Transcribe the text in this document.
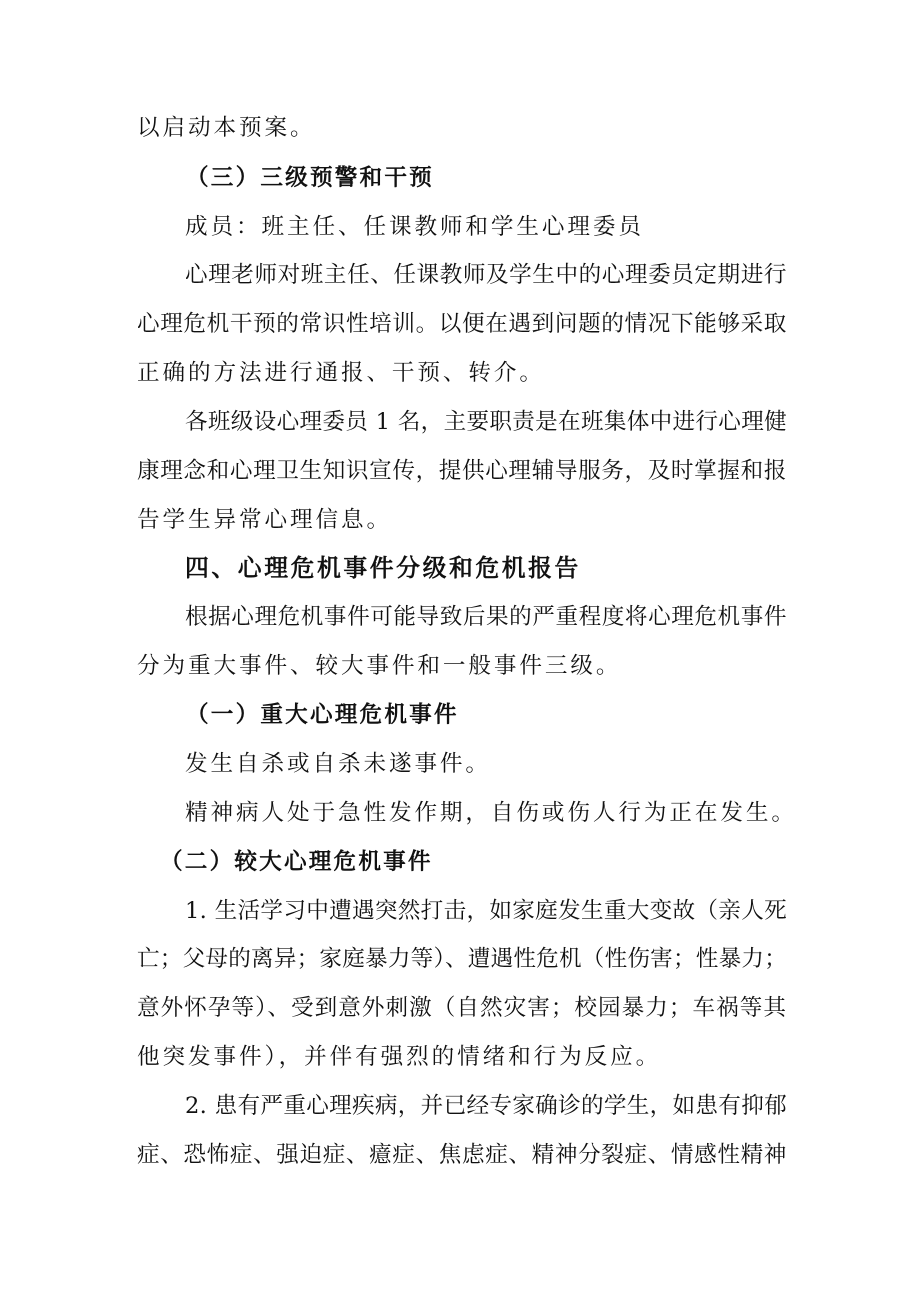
以启动本预案。

（三）三级预警和干预

成员：班主任、任课教师和学生心理委员

心理老师对班主任、任课教师及学生中的心理委员定期进行

心理危机干预的常识性培训。以便在遇到问题的情况下能够采取

正确的方法进行通报、干预、转介。

各班级设心理委员 1 名，主要职责是在班集体中进行心理健

康理念和心理卫生知识宣传，提供心理辅导服务，及时掌握和报

告学生异常心理信息。

四、心理危机事件分级和危机报告

根据心理危机事件可能导致后果的严重程度将心理危机事件

分为重大事件、较大事件和一般事件三级。

（一）重大心理危机事件

发生自杀或自杀未遂事件。

精神病人处于急性发作期，自伤或伤人行为正在发生。

（二）较大心理危机事件

1. 生活学习中遭遇突然打击，如家庭发生重大变故（亲人死

亡；父母的离异；家庭暴力等）、遭遇性危机（性伤害；性暴力；

意外怀孕等）、受到意外刺激（自然灾害；校园暴力；车祸等其

他突发事件），并伴有强烈的情绪和行为反应。

2. 患有严重心理疾病，并已经专家确诊的学生，如患有抑郁

症、恐怖症、强迫症、癔症、焦虑症、精神分裂症、情感性精神
